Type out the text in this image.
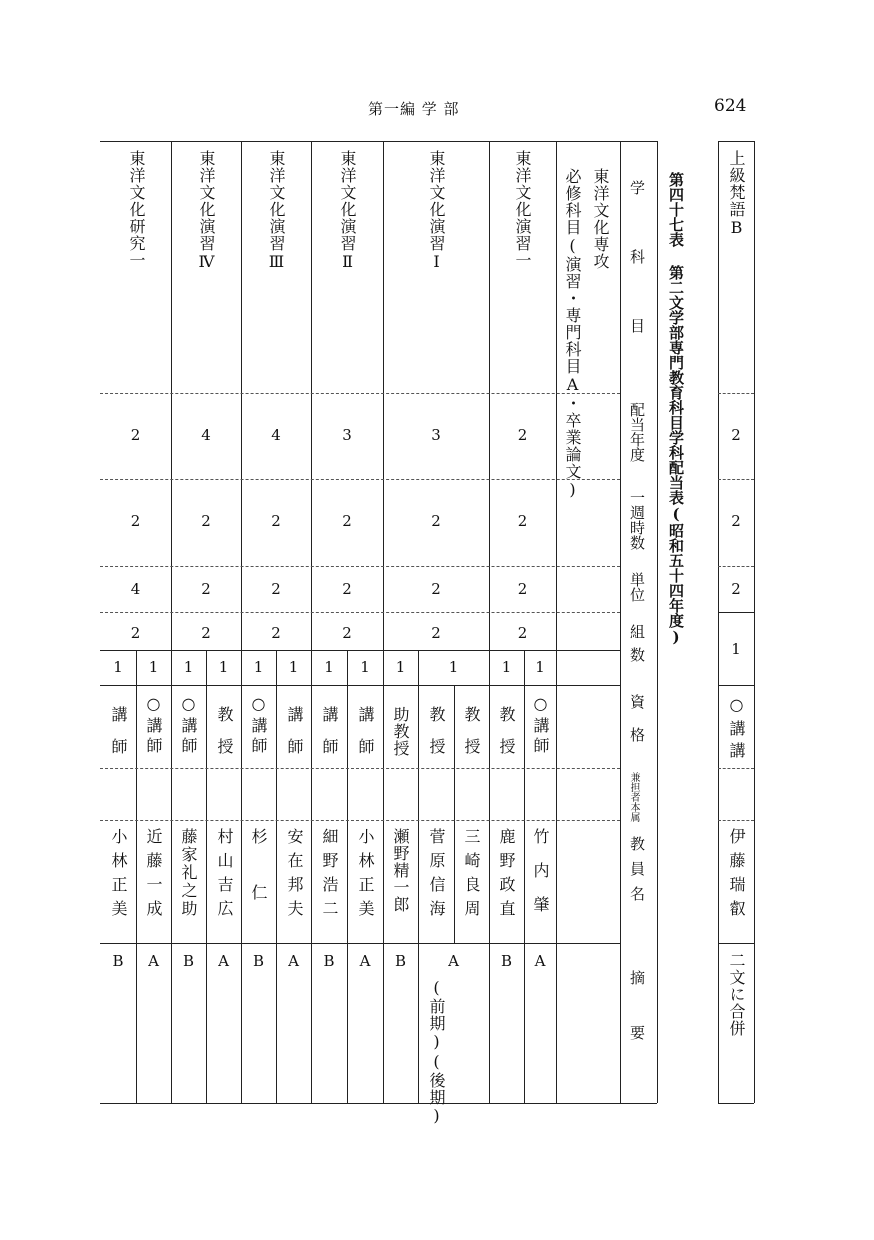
第一編 学 部	624
第四十七表 第二文学部専門教育科目学科配当表(昭和五十四年度)
学 科 目
配当年度
一週時数
単位
組数
資格
兼担者本属
教員名
摘要
東洋文化専攻
必修科目(演習・専門科目A・卒業論文)	上級梵語B
2
2
2
1
○講講
伊藤瑞叡
二文に合併
東洋文化演習一
2
2
2
2
1
1
○講師
教授
竹内肇
鹿野政直
A
B
東洋文化演習Ⅰ
3
2
2
2
1
1
教授
教授
助教授
三崎良周
菅原信海
瀬野精一郎
A
(前期)(後期)
B
東洋文化演習Ⅱ
3
2
2
2
1
1
講師
講師
小林正美
細野浩二
A
B
東洋文化演習Ⅲ
4
2
2
2
1
1
講師
○講師
安在邦夫
杉仁
A
B
東洋文化演習Ⅳ
4
2
2
2
1
1
教授
○講師
村山吉広
藤家礼之助
A
B
東洋文化研究一
2
2
4
2
1
1
○講師
講師
近藤一成
小林正美
A
B
